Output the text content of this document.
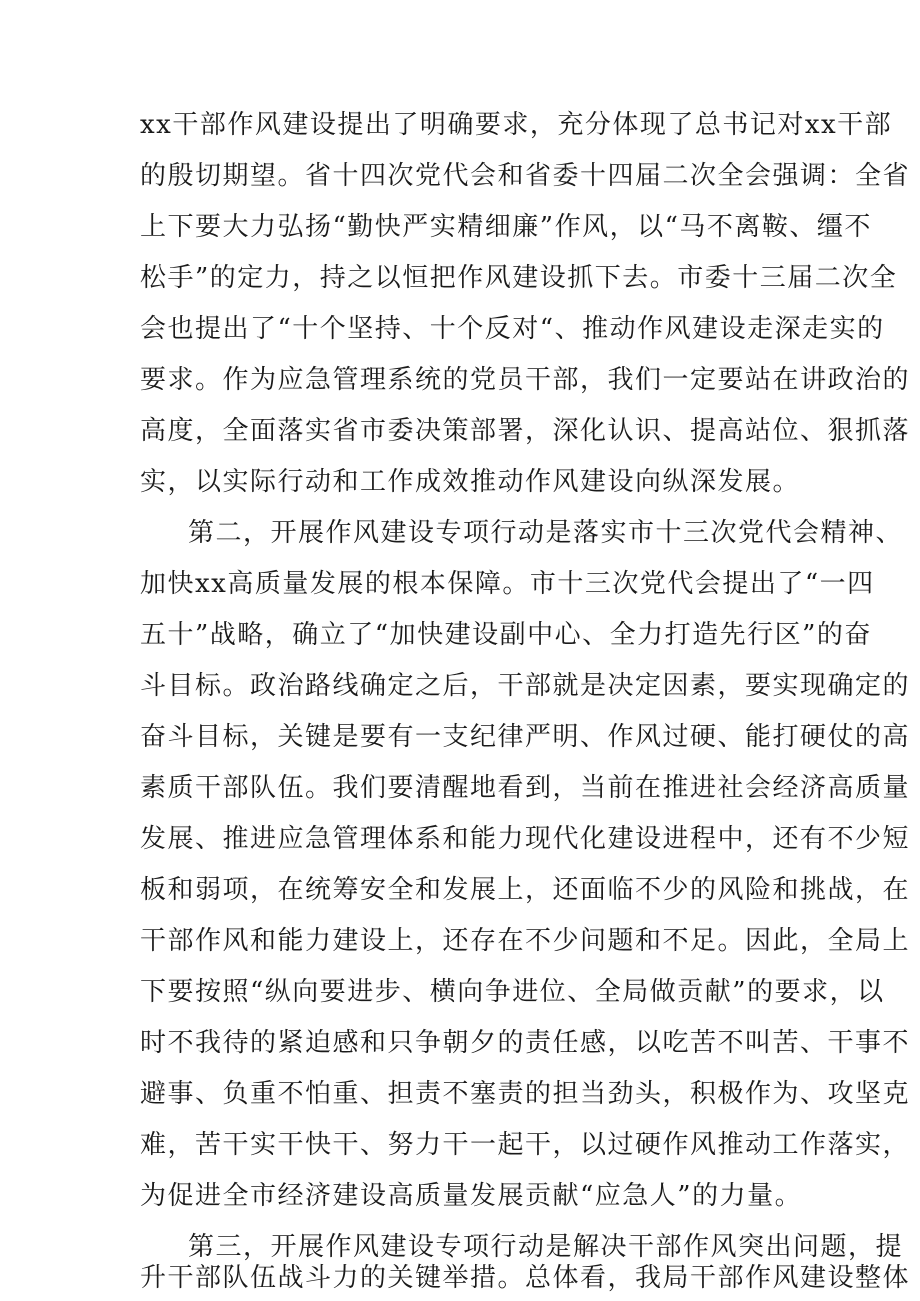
xx干部作风建设提出了明确要求，充分体现了总书记对xx干部
的殷切期望。省十四次党代会和省委十四届二次全会强调：全省
上下要大力弘扬“勤快严实精细廉”作风，以“马不离鞍、缰不
松手”的定力，持之以恒把作风建设抓下去。市委十三届二次全
会也提出了“十个坚持、十个反对“、推动作风建设走深走实的
要求。作为应急管理系统的党员干部，我们一定要站在讲政治的
高度，全面落实省市委决策部署，深化认识、提高站位、狠抓落
实，以实际行动和工作成效推动作风建设向纵深发展。
第二，开展作风建设专项行动是落实市十三次党代会精神、
加快xx高质量发展的根本保障。市十三次党代会提出了“一四
五十”战略，确立了“加快建设副中心、全力打造先行区”的奋
斗目标。政治路线确定之后，干部就是决定因素，要实现确定的
奋斗目标，关键是要有一支纪律严明、作风过硬、能打硬仗的高
素质干部队伍。我们要清醒地看到，当前在推进社会经济高质量
发展、推进应急管理体系和能力现代化建设进程中，还有不少短
板和弱项，在统筹安全和发展上，还面临不少的风险和挑战，在
干部作风和能力建设上，还存在不少问题和不足。因此，全局上
下要按照“纵向要进步、横向争进位、全局做贡献”的要求，以
时不我待的紧迫感和只争朝夕的责任感，以吃苦不叫苦、干事不
避事、负重不怕重、担责不塞责的担当劲头，积极作为、攻坚克
难，苦干实干快干、努力干一起干，以过硬作风推动工作落实，
为促进全市经济建设高质量发展贡献“应急人”的力量。
第三，开展作风建设专项行动是解决干部作风突出问题，提
升干部队伍战斗力的关键举措。总体看，我局干部作风建设整体
